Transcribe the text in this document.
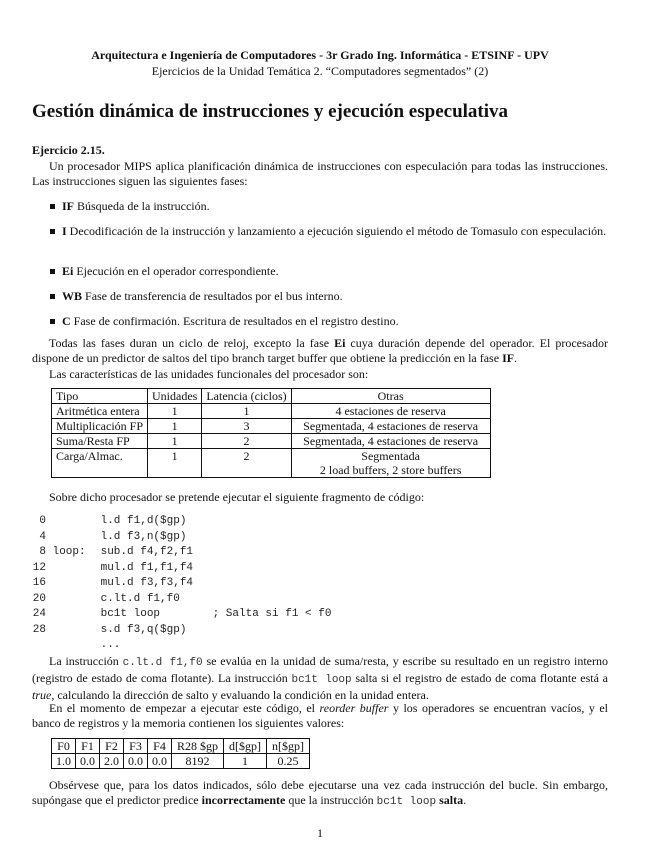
Arquitectura e Ingeniería de Computadores - 3r Grado Ing. Informática - ETSINF - UPV
Ejercicios de la Unidad Temática 2. “Computadores segmentados” (2)
Gestión dinámica de instrucciones y ejecución especulativa
Ejercicio 2.15.
Un procesador MIPS aplica planificación dinámica de instrucciones con especulación para todas las instrucciones. Las instrucciones siguen las siguientes fases:
IF Búsqueda de la instrucción.
I Decodificación de la instrucción y lanzamiento a ejecución siguiendo el método de Tomasulo con especulación.
Ei Ejecución en el operador correspondiente.
WB Fase de transferencia de resultados por el bus interno.
C Fase de confirmación. Escritura de resultados en el registro destino.
Todas las fases duran un ciclo de reloj, excepto la fase Ei cuya duración depende del operador. El procesador dispone de un predictor de saltos del tipo branch target buffer que obtiene la predicción en la fase IF.
Las características de las unidades funcionales del procesador son:
Tipo	Unidades	Latencia (ciclos)	Otras
Aritmética entera	1	1	4 estaciones de reserva
Multiplicación FP	1	3	Segmentada, 4 estaciones de reserva
Suma/Resta FP	1	2	Segmentada, 4 estaciones de reserva
Carga/Almac.	1	2	Segmentada
2 load buffers, 2 store buffers
Sobre dicho procesador se pretende ejecutar el siguiente fragmento de código:
0	l.d f1,d($gp)
4	l.d f3,n($gp)
8 loop: sub.d f4,f2,f1
12	mul.d f1,f1,f4
16	mul.d f3,f3,f4
20	c.lt.d f1,f0
24	bc1t loop	; Salta si f1 < f0
28	s.d f3,q($gp)
...
La instrucción c.lt.d f1,f0 se evalúa en la unidad de suma/resta, y escribe su resultado en un registro interno (registro de estado de coma flotante). La instrucción bc1t loop salta si el registro de estado de coma flotante está a true, calculando la dirección de salto y evaluando la condición en la unidad entera.
En el momento de empezar a ejecutar este código, el reorder buffer y los operadores se encuentran vacíos, y el banco de registros y la memoria contienen los siguientes valores:
F0	F1	F2	F3	F4	R28 $gp	d[$gp]	n[$gp]
1.0	0.0	2.0	0.0	0.0	8192	1	0.25
Obsérvese que, para los datos indicados, sólo debe ejecutarse una vez cada instrucción del bucle. Sin embargo, supóngase que el predictor predice incorrectamente que la instrucción bc1t loop salta.
1
